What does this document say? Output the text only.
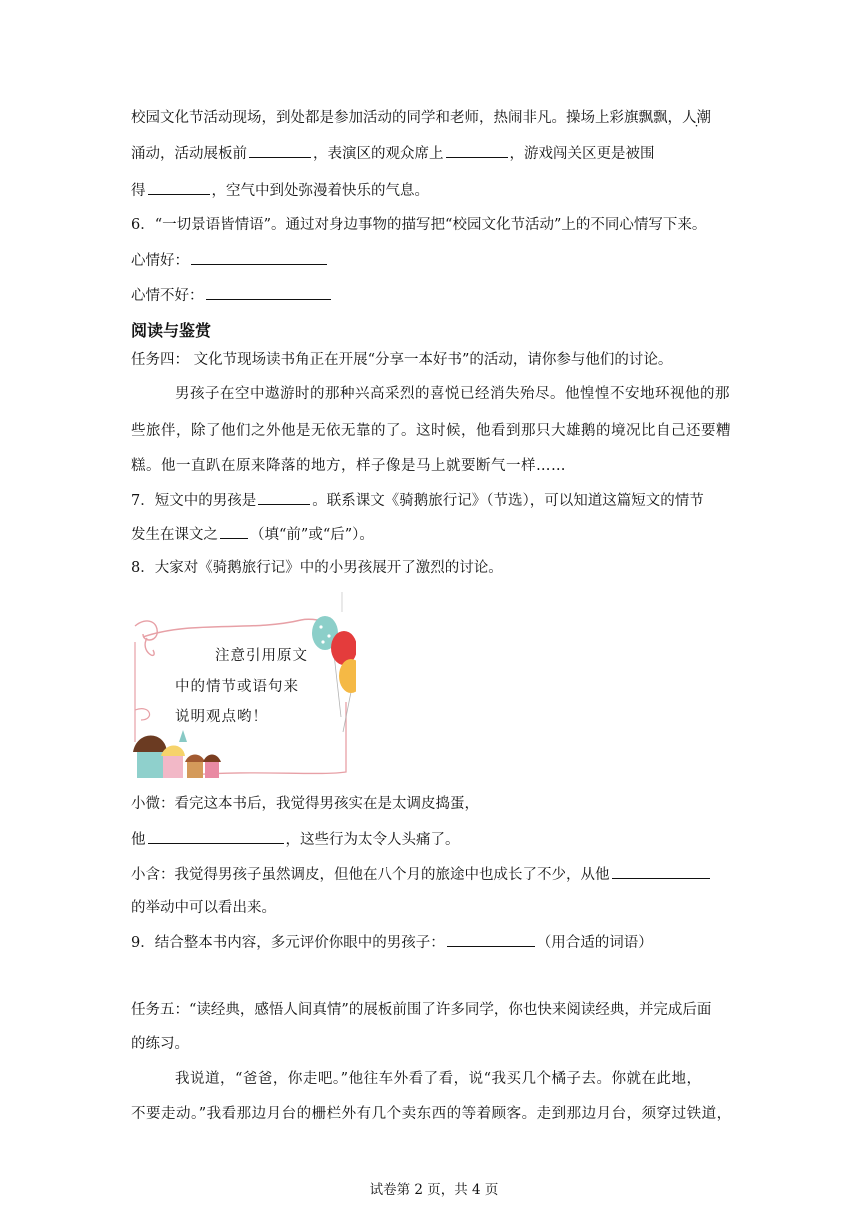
校园文化节活动现场，到处都是参加活动的同学和老师，热闹非凡。操场上彩旗飘飘，人潮
涌动，活动展板前	，表演区的观众席上	，游戏闯关区更是被围
得	，空气中到处弥漫着快乐的气息。
6．“一切景语皆情语”。通过对身边事物的描写把“校园文化节活动”上的不同心情写下来。
心情好：
心情不好：
阅读与鉴赏
任务四： 文化节现场读书角正在开展“分享一本好书”的活动，请你参与他们的讨论。
男孩子在空中遨游时的那种兴高采烈的喜悦已经消失殆尽。他惶惶不安地环视他的那
些旅伴，除了他们之外他是无依无靠的了。这时候，他看到那只大雄鹅的境况比自己还要糟
糕。他一直趴在原来降落的地方，样子像是马上就要断气一样……
7．短文中的男孩是	。联系课文《骑鹅旅行记》（节选），可以知道这篇短文的情节
发生在课文之 （填“前”或“后”）。
8．大家对《骑鹅旅行记》中的小男孩展开了激烈的讨论。
注意引用原文
中的情节或语句来
说明观点哟！
小微：看完这本书后，我觉得男孩实在是太调皮捣蛋，
他	，这些行为太令人头痛了。
小含：我觉得男孩子虽然调皮，但他在八个月的旅途中也成长了不少，从他
的举动中可以看出来。
9．结合整本书内容，多元评价你眼中的男孩子：	（用合适的词语）
任务五：“读经典，感悟人间真情”的展板前围了许多同学，你也快来阅读经典，并完成后面
的练习。
我说道，“爸爸，你走吧。”他往车外看了看，说“我买几个橘子去。你就在此地，
不要走动。”我看那边月台的栅栏外有几个卖东西的等着顾客。走到那边月台，须穿过铁道，
试卷第 2 页，共 4 页
